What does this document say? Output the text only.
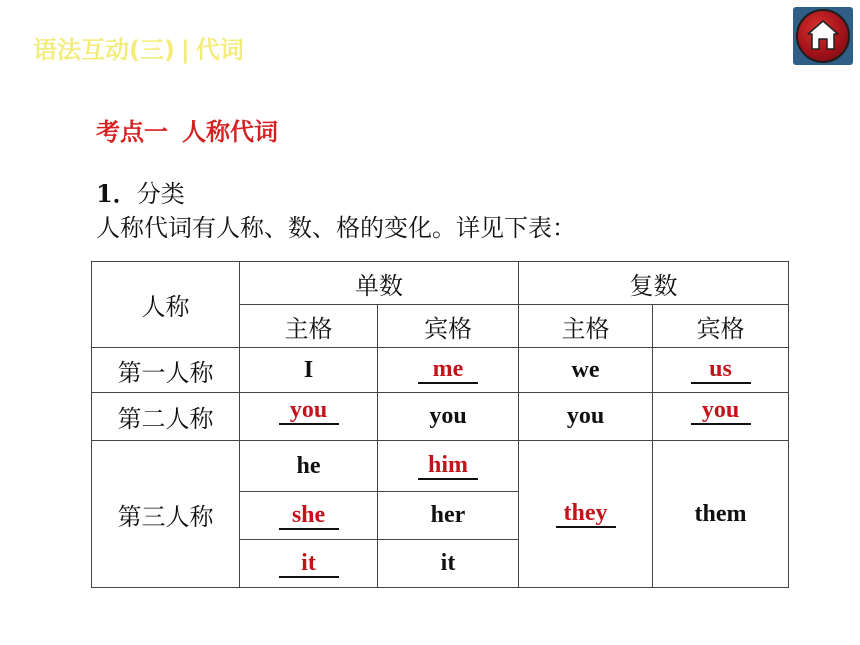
语法互动(三) | 代词
考点一 人称代词
1．分类
人称代词有人称、数、格的变化。详见下表：
人称	单数		复数	
	主格	宾格	主格	宾格
第一人称	I	me	we	us
第二人称	you	you	you	you
第三人称	he	him	they	them
	she	her		
	it	it		
